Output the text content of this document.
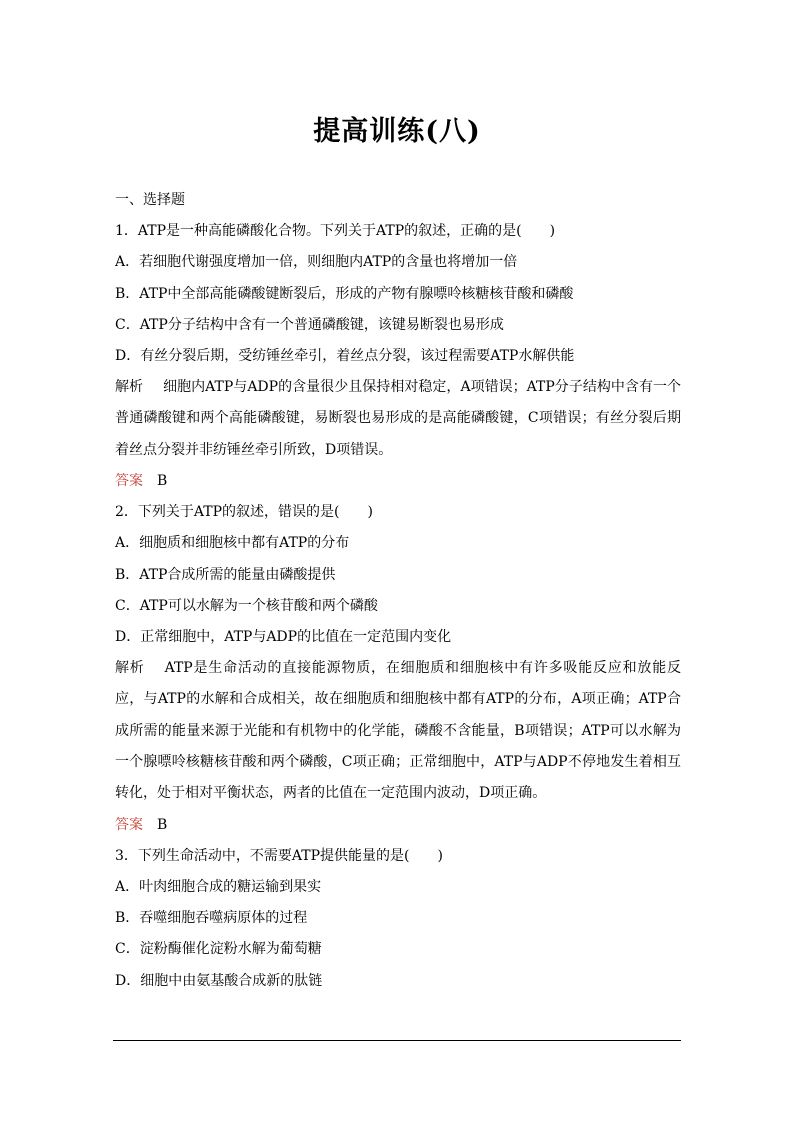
提高训练(八)
一、选择题
1．ATP是一种高能磷酸化合物。下列关于ATP的叙述，正确的是(　　)
A．若细胞代谢强度增加一倍，则细胞内ATP的含量也将增加一倍
B．ATP中全部高能磷酸键断裂后，形成的产物有腺嘌呤核糖核苷酸和磷酸
C．ATP分子结构中含有一个普通磷酸键，该键易断裂也易形成
D．有丝分裂后期，受纺锤丝牵引，着丝点分裂，该过程需要ATP水解供能
解析 细胞内ATP与ADP的含量很少且保持相对稳定，A项错误；ATP分子结构中含有一个普通磷酸键和两个高能磷酸键，易断裂也易形成的是高能磷酸键，C项错误；有丝分裂后期着丝点分裂并非纺锤丝牵引所致，D项错误。
答案 B
2．下列关于ATP的叙述，错误的是(　　)
A．细胞质和细胞核中都有ATP的分布
B．ATP合成所需的能量由磷酸提供
C．ATP可以水解为一个核苷酸和两个磷酸
D．正常细胞中，ATP与ADP的比值在一定范围内变化
解析 ATP是生命活动的直接能源物质，在细胞质和细胞核中有许多吸能反应和放能反应，与ATP的水解和合成相关，故在细胞质和细胞核中都有ATP的分布，A项正确；ATP合成所需的能量来源于光能和有机物中的化学能，磷酸不含能量，B项错误；ATP可以水解为一个腺嘌呤核糖核苷酸和两个磷酸，C项正确；正常细胞中，ATP与ADP不停地发生着相互转化，处于相对平衡状态，两者的比值在一定范围内波动，D项正确。
答案 B
3．下列生命活动中，不需要ATP提供能量的是(　　)
A．叶肉细胞合成的糖运输到果实
B．吞噬细胞吞噬病原体的过程
C．淀粉酶催化淀粉水解为葡萄糖
D．细胞中由氨基酸合成新的肽链
